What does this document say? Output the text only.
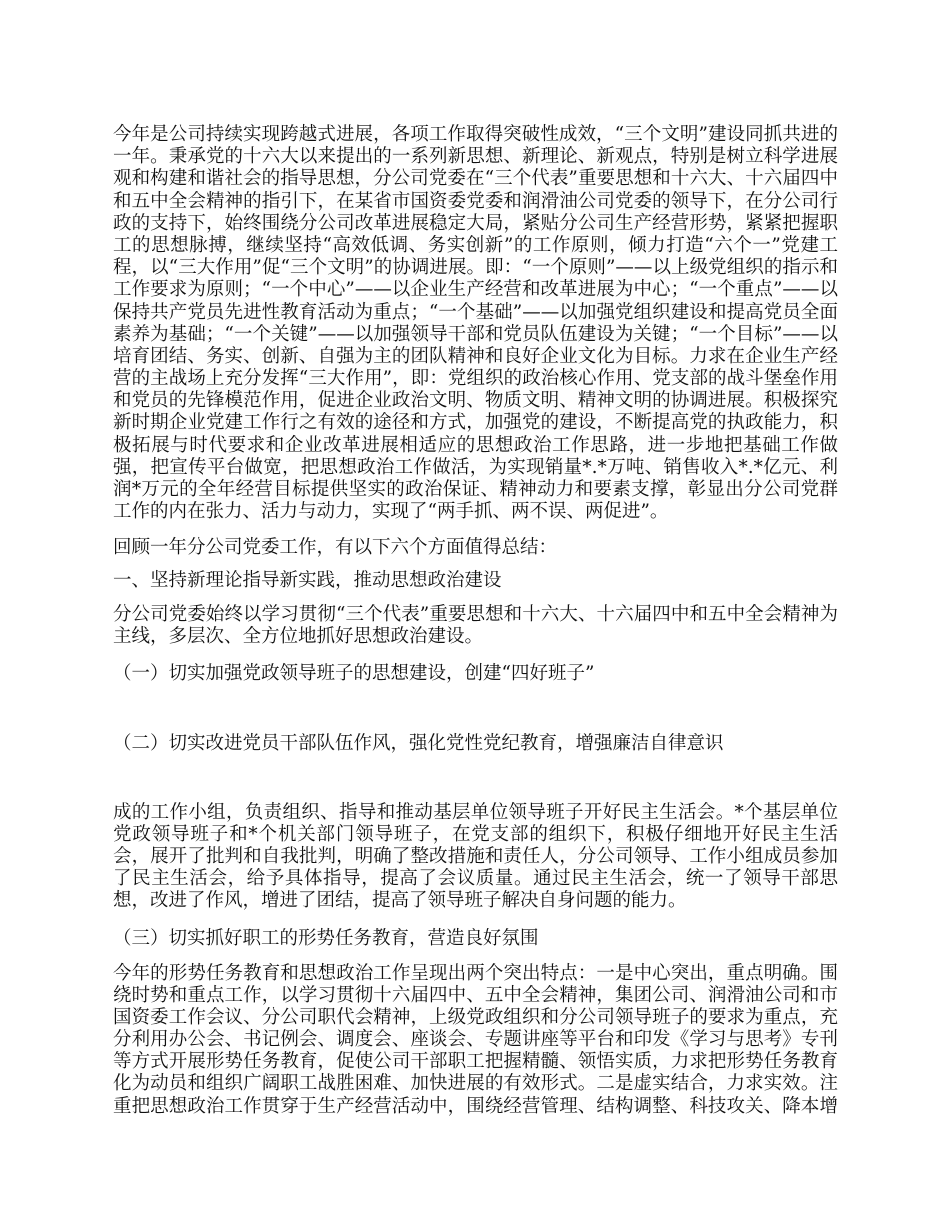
今年是公司持续实现跨越式进展，各项工作取得突破性成效，“三个文明”建设同抓共进的
一年。秉承党的十六大以来提出的一系列新思想、新理论、新观点，特别是树立科学进展
观和构建和谐社会的指导思想，分公司党委在“三个代表”重要思想和十六大、十六届四中
和五中全会精神的指引下，在某省市国资委党委和润滑油公司党委的领导下，在分公司行
政的支持下，始终围绕分公司改革进展稳定大局，紧贴分公司生产经营形势，紧紧把握职
工的思想脉搏，继续坚持“高效低调、务实创新”的工作原则，倾力打造“六个一”党建工
程，以“三大作用”促“三个文明”的协调进展。即：“一个原则”——以上级党组织的指示和
工作要求为原则；“一个中心”——以企业生产经营和改革进展为中心；“一个重点”——以
保持共产党员先进性教育活动为重点；“一个基础”——以加强党组织建设和提高党员全面
素养为基础；“一个关键”——以加强领导干部和党员队伍建设为关键；“一个目标”——以
培育团结、务实、创新、自强为主的团队精神和良好企业文化为目标。力求在企业生产经
营的主战场上充分发挥“三大作用”，即：党组织的政治核心作用、党支部的战斗堡垒作用
和党员的先锋模范作用，促进企业政治文明、物质文明、精神文明的协调进展。积极探究
新时期企业党建工作行之有效的途径和方式，加强党的建设，不断提高党的执政能力，积
极拓展与时代要求和企业改革进展相适应的思想政治工作思路，进一步地把基础工作做
强，把宣传平台做宽，把思想政治工作做活，为实现销量*.*万吨、销售收入*.*亿元、利
润*万元的全年经营目标提供坚实的政治保证、精神动力和要素支撑，彰显出分公司党群
工作的内在张力、活力与动力，实现了“两手抓、两不误、两促进”。
回顾一年分公司党委工作，有以下六个方面值得总结：
一、坚持新理论指导新实践，推动思想政治建设
分公司党委始终以学习贯彻“三个代表”重要思想和十六大、十六届四中和五中全会精神为
主线，多层次、全方位地抓好思想政治建设。
（一）切实加强党政领导班子的思想建设，创建“四好班子”
（二）切实改进党员干部队伍作风，强化党性党纪教育，增强廉洁自律意识
成的工作小组，负责组织、指导和推动基层单位领导班子开好民主生活会。*个基层单位
党政领导班子和*个机关部门领导班子，在党支部的组织下，积极仔细地开好民主生活
会，展开了批判和自我批判，明确了整改措施和责任人，分公司领导、工作小组成员参加
了民主生活会，给予具体指导，提高了会议质量。通过民主生活会，统一了领导干部思
想，改进了作风，增进了团结，提高了领导班子解决自身问题的能力。
（三）切实抓好职工的形势任务教育，营造良好氛围
今年的形势任务教育和思想政治工作呈现出两个突出特点：一是中心突出，重点明确。围
绕时势和重点工作，以学习贯彻十六届四中、五中全会精神，集团公司、润滑油公司和市
国资委工作会议、分公司职代会精神，上级党政组织和分公司领导班子的要求为重点，充
分利用办公会、书记例会、调度会、座谈会、专题讲座等平台和印发《学习与思考》专刊
等方式开展形势任务教育，促使公司干部职工把握精髓、领悟实质，力求把形势任务教育
化为动员和组织广阔职工战胜困难、加快进展的有效形式。二是虚实结合，力求实效。注
重把思想政治工作贯穿于生产经营活动中，围绕经营管理、结构调整、科技攻关、降本增
